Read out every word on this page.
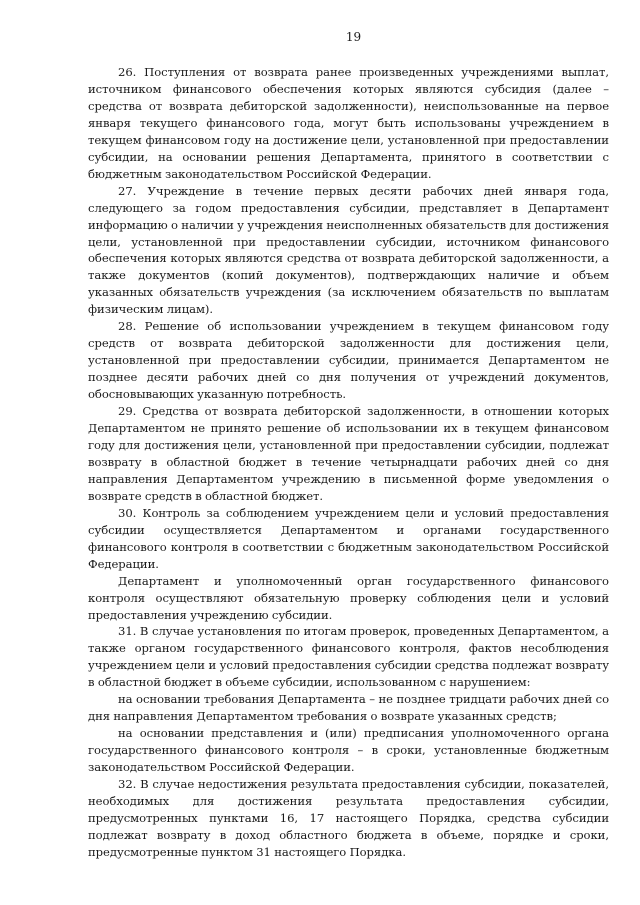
19

26. Поступления от возврата ранее произведенных учреждениями выплат, источником финансового обеспечения которых являются субсидия (далее – средства от возврата дебиторской задолженности), неиспользованные на первое января текущего финансового года, могут быть использованы учреждением в текущем финансовом году на достижение цели, установленной при предоставлении субсидии, на основании решения Департамента, принятого в соответствии с бюджетным законодательством Российской Федерации.

27. Учреждение в течение первых десяти рабочих дней января года, следующего за годом предоставления субсидии, представляет в Департамент информацию о наличии у учреждения неисполненных обязательств для достижения цели, установленной при предоставлении субсидии, источником финансового обеспечения которых являются средства от возврата дебиторской задолженности, а также документов (копий документов), подтверждающих наличие и объем указанных обязательств учреждения (за исключением обязательств по выплатам физическим лицам).

28. Решение об использовании учреждением в текущем финансовом году средств от возврата дебиторской задолженности для достижения цели, установленной при предоставлении субсидии, принимается Департаментом не позднее десяти рабочих дней со дня получения от учреждений документов, обосновывающих указанную потребность.

29. Средства от возврата дебиторской задолженности, в отношении которых Департаментом не принято решение об использовании их в текущем финансовом году для достижения цели, установленной при предоставлении субсидии, подлежат возврату в областной бюджет в течение четырнадцати рабочих дней со дня направления Департаментом учреждению в письменной форме уведомления о возврате средств в областной бюджет.

30. Контроль за соблюдением учреждением цели и условий предоставления субсидии осуществляется Департаментом и органами государственного финансового контроля в соответствии с бюджетным законодательством Российской Федерации.

Департамент и уполномоченный орган государственного финансового контроля осуществляют обязательную проверку соблюдения цели и условий предоставления учреждению субсидии.

31. В случае установления по итогам проверок, проведенных Департаментом, а также органом государственного финансового контроля, фактов несоблюдения учреждением цели и условий предоставления субсидии средства подлежат возврату в областной бюджет в объеме субсидии, использованном с нарушением:

на основании требования Департамента – не позднее тридцати рабочих дней со дня направления Департаментом требования о возврате указанных средств;

на основании представления и (или) предписания уполномоченного органа государственного финансового контроля – в сроки, установленные бюджетным законодательством Российской Федерации.

32. В случае недостижения результата предоставления субсидии, показателей, необходимых для достижения результата предоставления субсидии, предусмотренных пунктами 16, 17 настоящего Порядка, средства субсидии подлежат возврату в доход областного бюджета в объеме, порядке и сроки, предусмотренные пунктом 31 настоящего Порядка.
